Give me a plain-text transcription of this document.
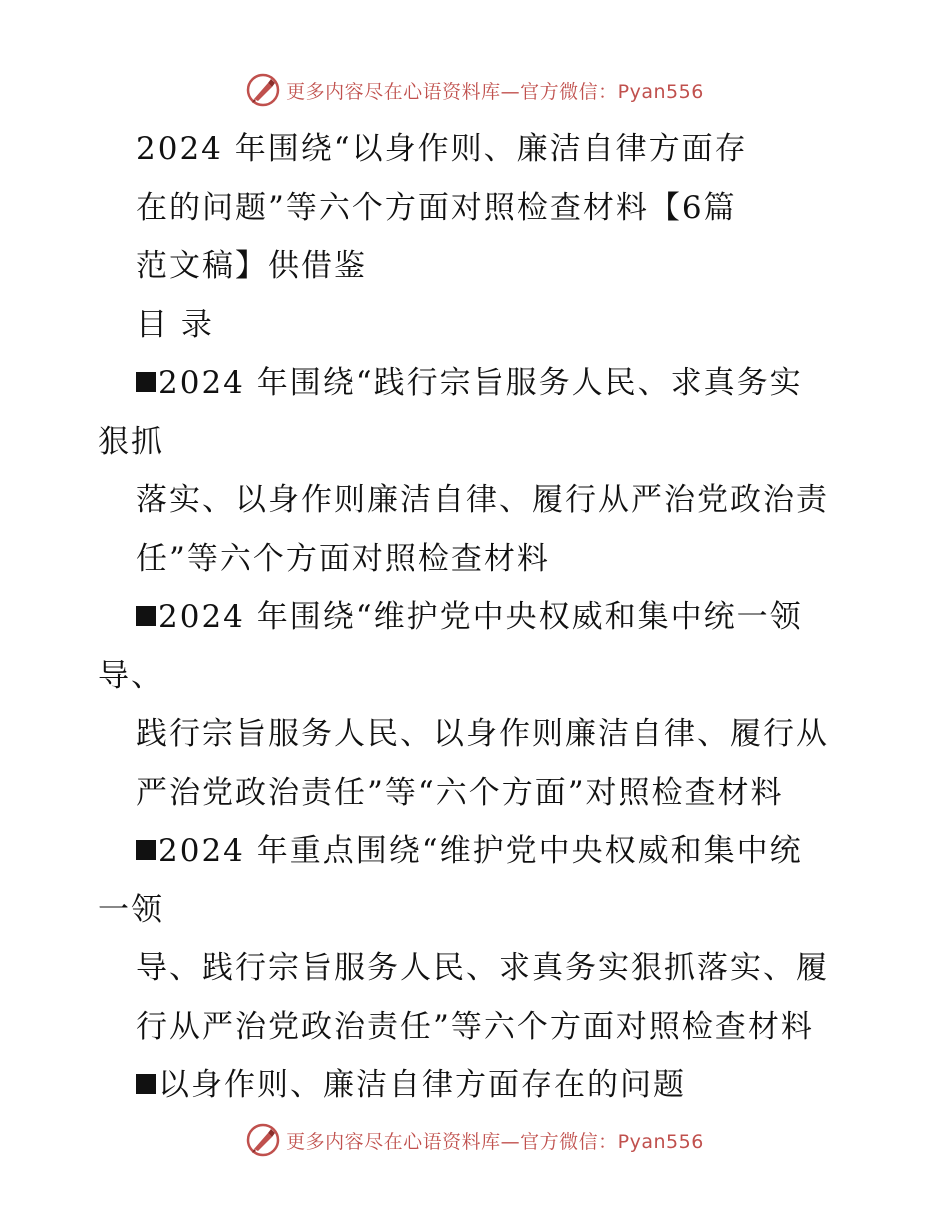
更多内容尽在心语资料库—官方微信：Pyan556
2024 年围绕“以身作则、廉洁自律方面存
在的问题”等六个方面对照检查材料【6篇
范文稿】供借鉴
目 录
2024 年围绕“践行宗旨服务人民、求真务实
狠抓
落实、以身作则廉洁自律、履行从严治党政治责
任”等六个方面对照检查材料
2024 年围绕“维护党中央权威和集中统一领
导、
践行宗旨服务人民、以身作则廉洁自律、履行从
严治党政治责任”等“六个方面”对照检查材料
2024 年重点围绕“维护党中央权威和集中统
一领
导、践行宗旨服务人民、求真务实狠抓落实、履
行从严治党政治责任”等六个方面对照检查材料
以身作则、廉洁自律方面存在的问题
更多内容尽在心语资料库—官方微信：Pyan556
